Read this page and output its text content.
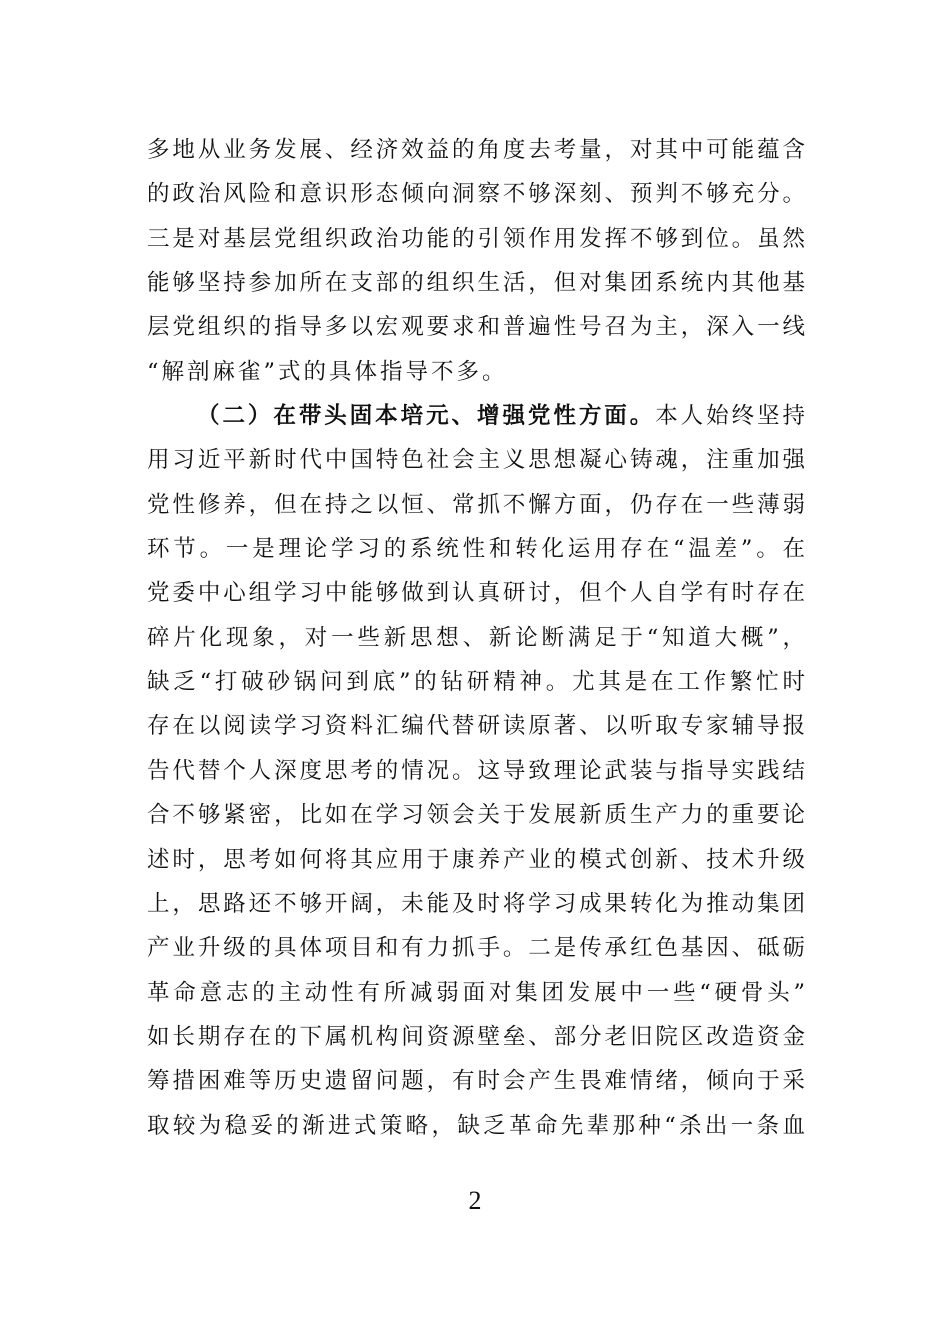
多地从业务发展、经济效益的角度去考量，对其中可能蕴含
的政治风险和意识形态倾向洞察不够深刻、预判不够充分。
三是对基层党组织政治功能的引领作用发挥不够到位。虽然
能够坚持参加所在支部的组织生活，但对集团系统内其他基
层党组织的指导多以宏观要求和普遍性号召为主，深入一线
“解剖麻雀”式的具体指导不多。
（二）在带头固本培元、增强党性方面。本人始终坚持
用习近平新时代中国特色社会主义思想凝心铸魂，注重加强
党性修养，但在持之以恒、常抓不懈方面，仍存在一些薄弱
环节。一是理论学习的系统性和转化运用存在“温差”。在
党委中心组学习中能够做到认真研讨，但个人自学有时存在
碎片化现象，对一些新思想、新论断满足于“知道大概”，
缺乏“打破砂锅问到底”的钻研精神。尤其是在工作繁忙时
存在以阅读学习资料汇编代替研读原著、以听取专家辅导报
告代替个人深度思考的情况。这导致理论武装与指导实践结
合不够紧密，比如在学习领会关于发展新质生产力的重要论
述时，思考如何将其应用于康养产业的模式创新、技术升级
上，思路还不够开阔，未能及时将学习成果转化为推动集团
产业升级的具体项目和有力抓手。二是传承红色基因、砥砺
革命意志的主动性有所减弱面对集团发展中一些“硬骨头”
如长期存在的下属机构间资源壁垒、部分老旧院区改造资金
筹措困难等历史遗留问题，有时会产生畏难情绪，倾向于采
取较为稳妥的渐进式策略，缺乏革命先辈那种“杀出一条血
2
